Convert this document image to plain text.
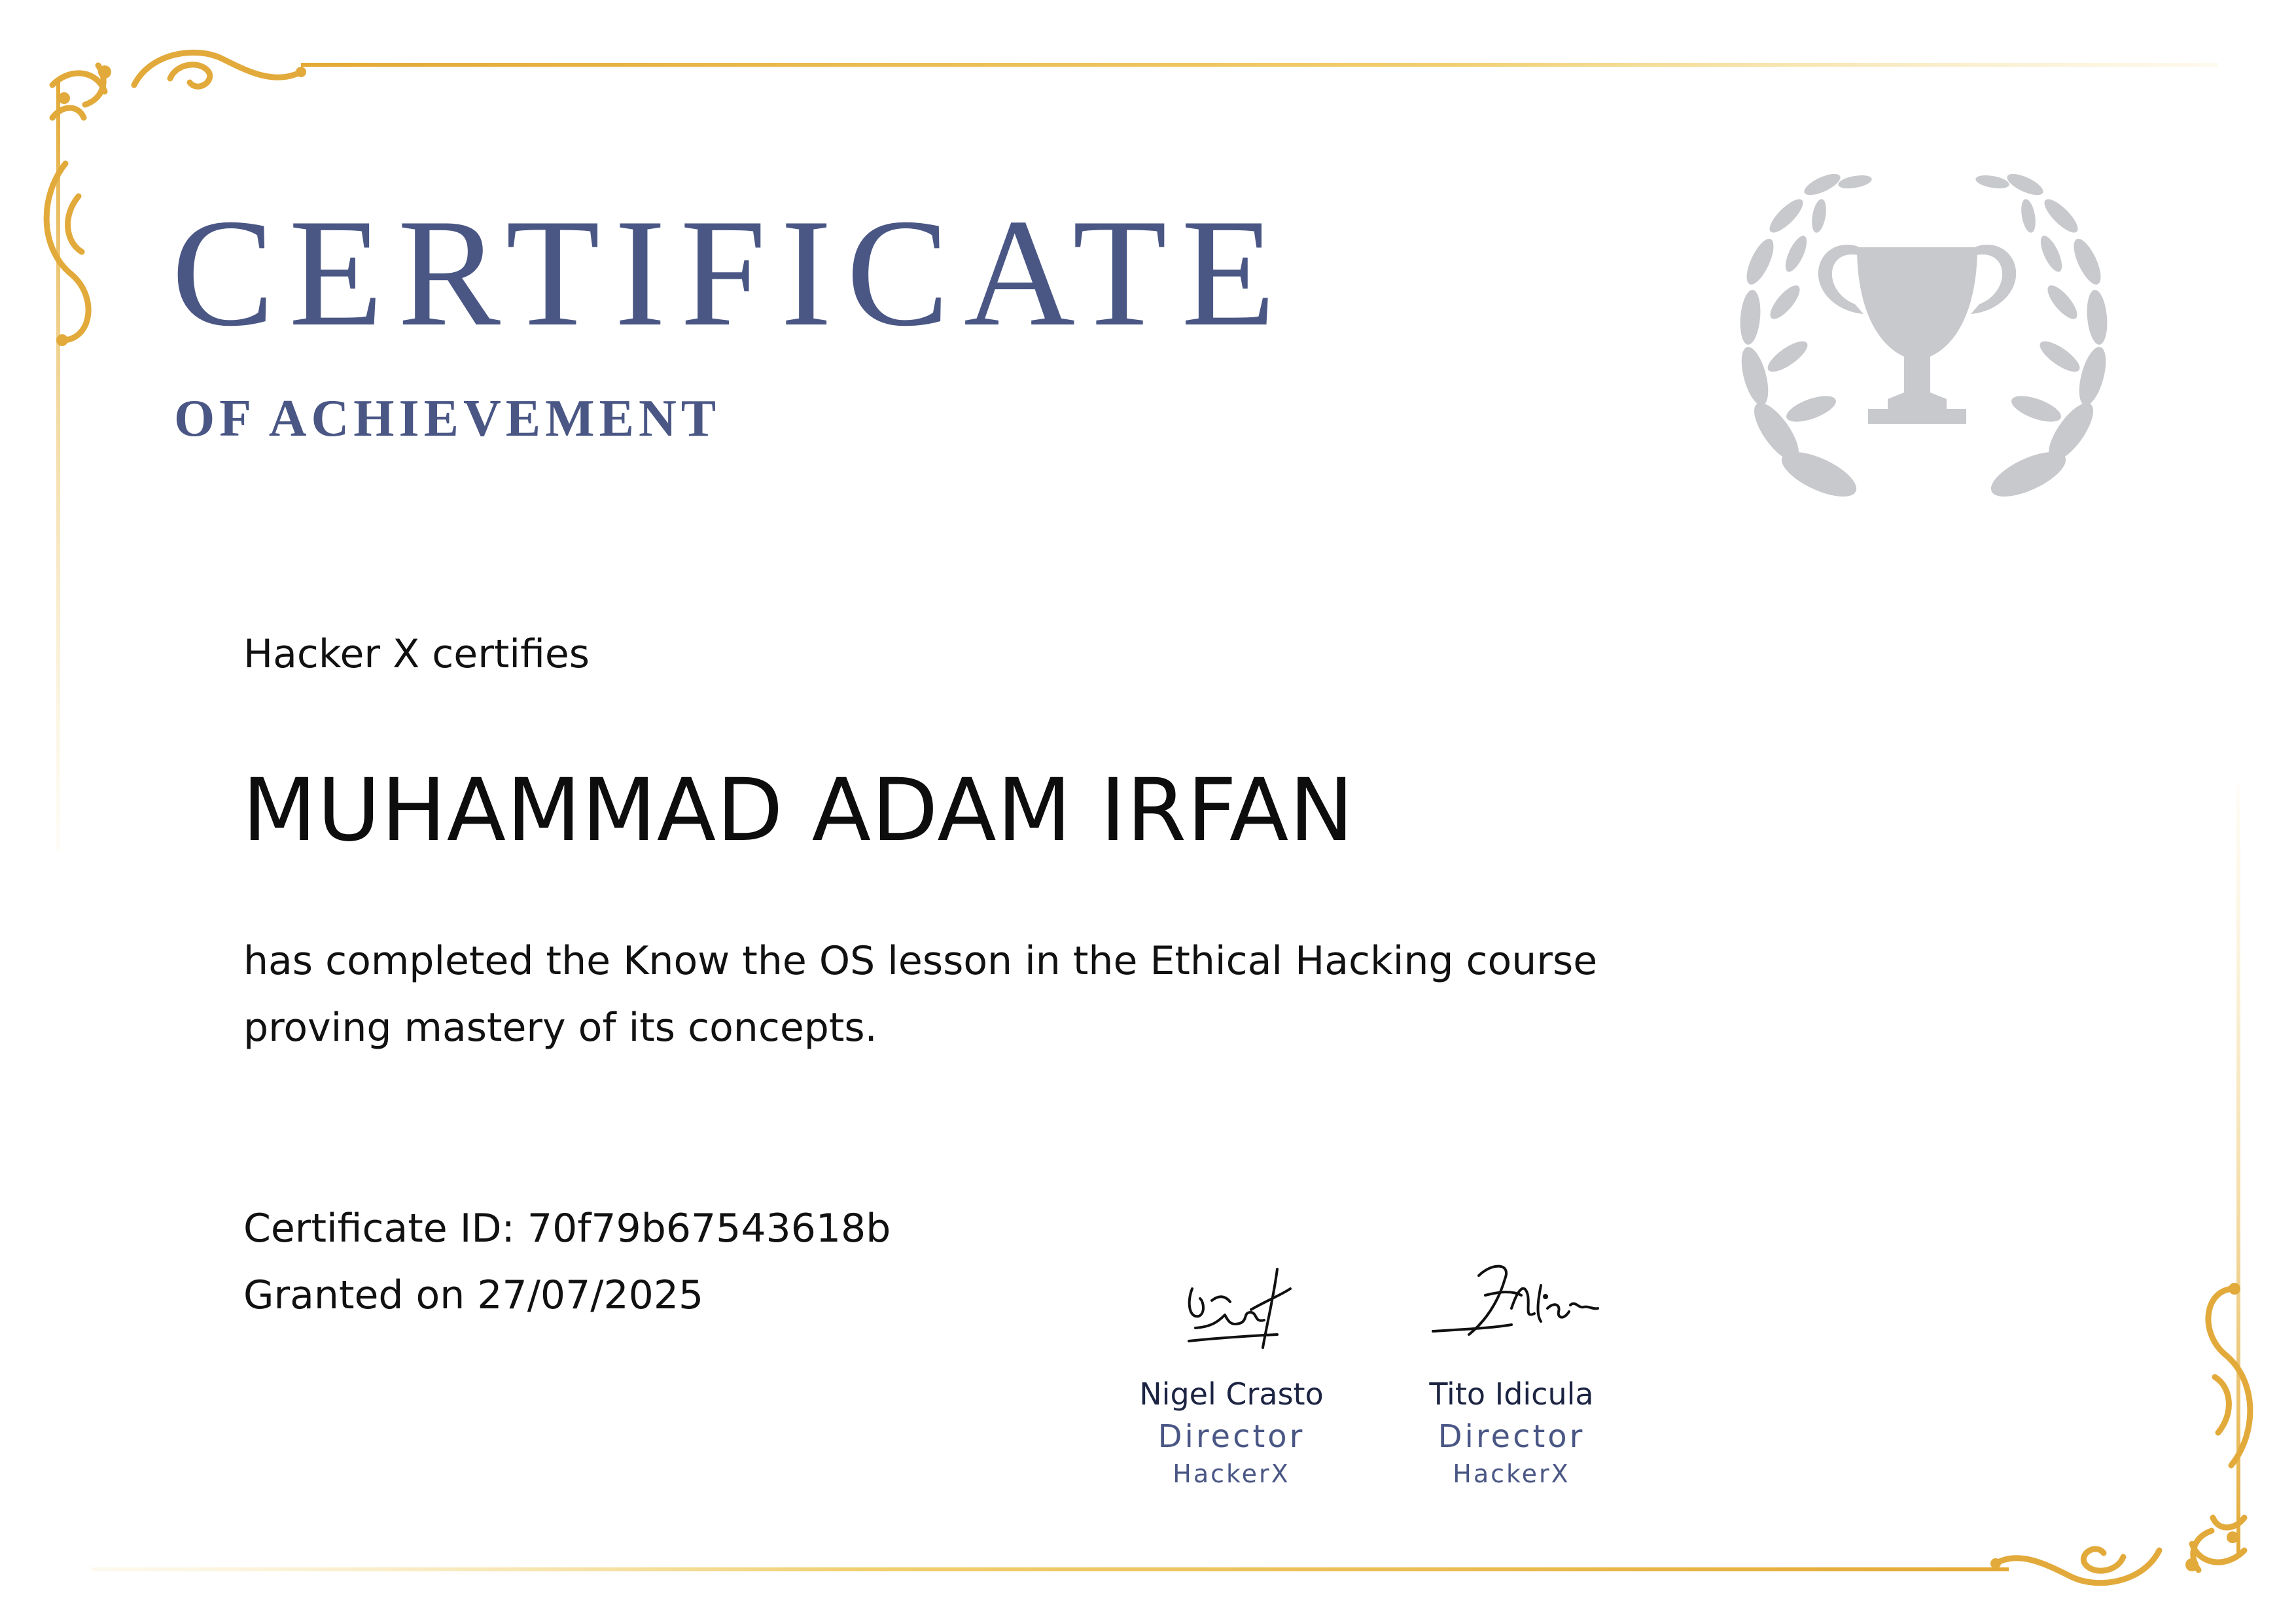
CERTIFICATE
OF ACHIEVEMENT
Hacker X certifies
MUHAMMAD ADAM IRFAN
has completed the Know the OS lesson in the Ethical Hacking course
proving mastery of its concepts.
Certificate ID: 70f79b67543618b
Granted on 27/07/2025
Nigel Crasto
Director
HackerX
Tito Idicula
Director
HackerX
